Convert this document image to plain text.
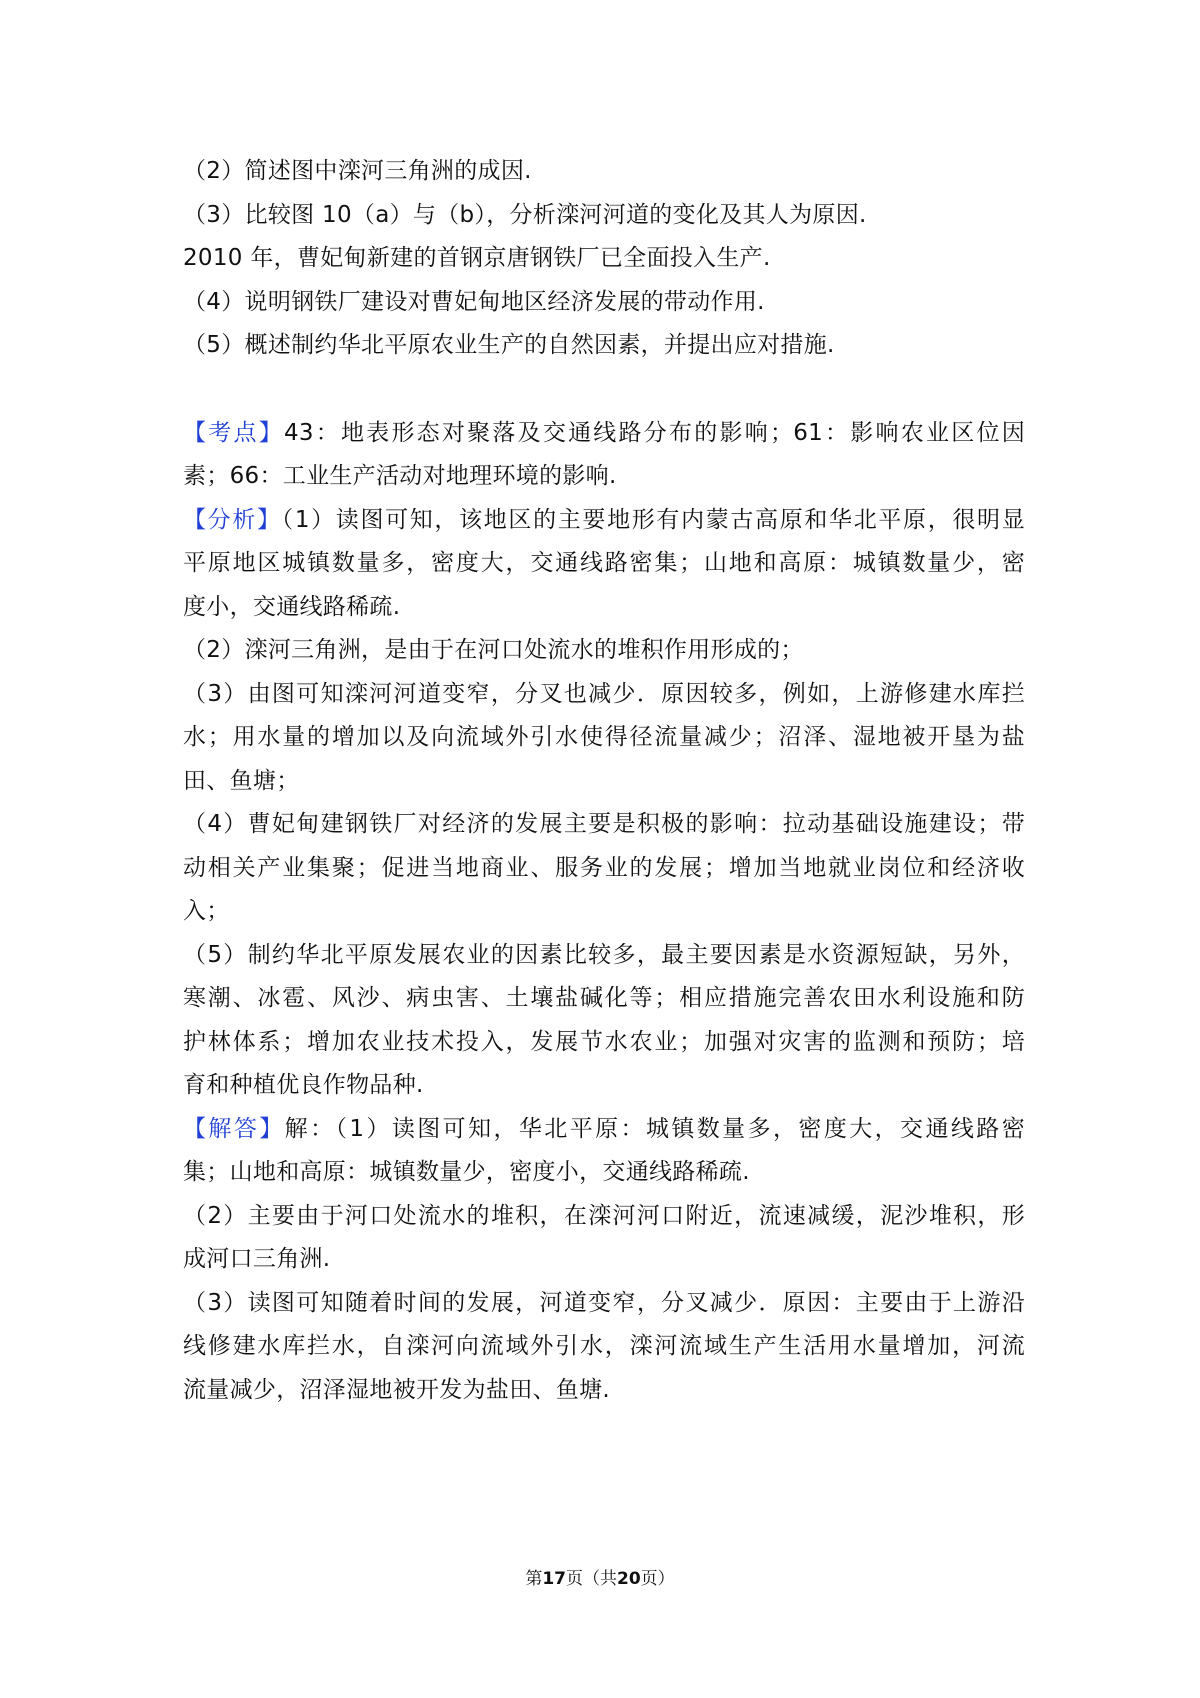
（2）简述图中滦河三角洲的成因.
（3）比较图 10（a）与（b），分析滦河河道的变化及其人为原因.
2010 年，曹妃甸新建的首钢京唐钢铁厂已全面投入生产.
（4）说明钢铁厂建设对曹妃甸地区经济发展的带动作用.
（5）概述制约华北平原农业生产的自然因素，并提出应对措施.
【考点】43：地表形态对聚落及交通线路分布的影响；61：影响农业区位因
素；66：工业生产活动对地理环境的影响.
【分析】（1）读图可知，该地区的主要地形有内蒙古高原和华北平原，很明显
平原地区城镇数量多，密度大，交通线路密集；山地和高原：城镇数量少，密
度小，交通线路稀疏.
（2）滦河三角洲，是由于在河口处流水的堆积作用形成的；
（3）由图可知滦河河道变窄，分叉也减少．原因较多，例如，上游修建水库拦
水；用水量的增加以及向流域外引水使得径流量减少；沼泽、湿地被开垦为盐
田、鱼塘；
（4）曹妃甸建钢铁厂对经济的发展主要是积极的影响：拉动基础设施建设；带
动相关产业集聚；促进当地商业、服务业的发展；增加当地就业岗位和经济收
入；
（5）制约华北平原发展农业的因素比较多，最主要因素是水资源短缺，另外，
寒潮、冰雹、风沙、病虫害、土壤盐碱化等；相应措施完善农田水利设施和防
护林体系；增加农业技术投入，发展节水农业；加强对灾害的监测和预防；培
育和种植优良作物品种.
【解答】解：（1）读图可知，华北平原：城镇数量多，密度大，交通线路密
集；山地和高原：城镇数量少，密度小，交通线路稀疏.
（2）主要由于河口处流水的堆积，在滦河河口附近，流速减缓，泥沙堆积，形
成河口三角洲.
（3）读图可知随着时间的发展，河道变窄，分叉减少．原因：主要由于上游沿
线修建水库拦水，自滦河向流域外引水，滦河流域生产生活用水量增加，河流
流量减少，沼泽湿地被开发为盐田、鱼塘.
第17页（共20页）
